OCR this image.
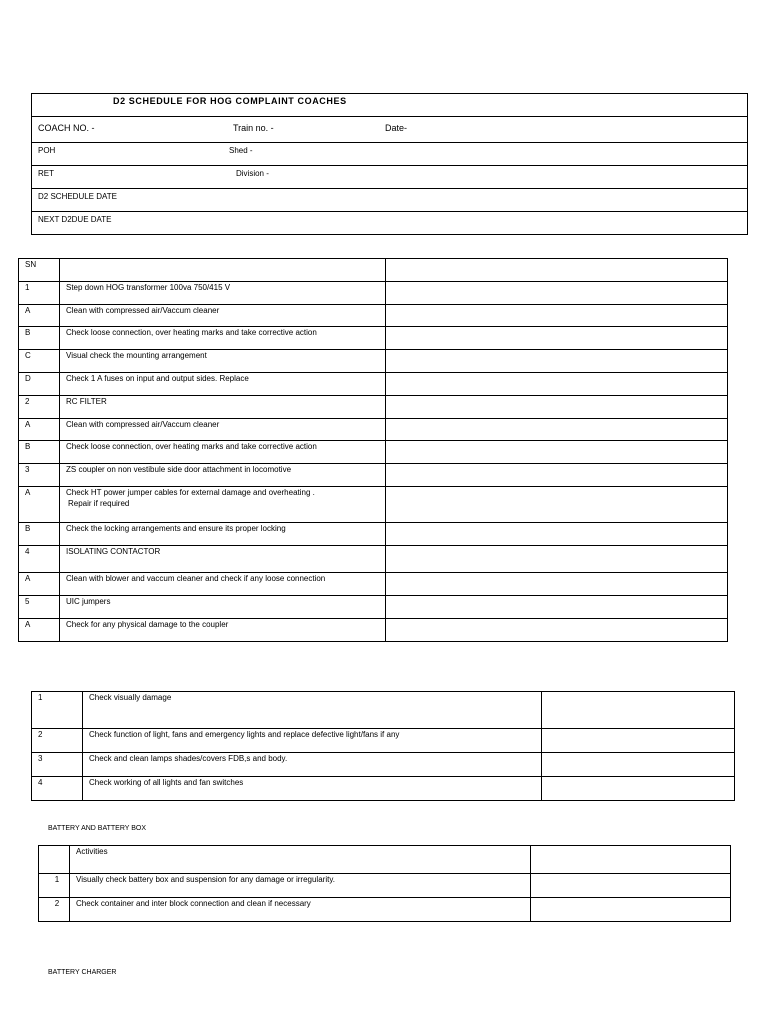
D2 SCHEDULE FOR HOG COMPLAINT COACHES
COACH NO. -	Train no. -	Date-
POH	Shed -
RET	Division -
D2 SCHEDULE DATE
NEXT D2DUE DATE
SN		
1	Step down HOG transformer 100va 750/415 V	

A	Clean with compressed air/Vaccum cleaner	

B	Check loose connection, over heating marks and take corrective action	

C	Visual check the mounting arrangement	

D	Check 1 A fuses on input and output sides. Replace	

2	RC FILTER	

A	Clean with compressed air/Vaccum cleaner	

B	Check loose connection, over heating marks and take corrective action	

3	ZS coupler on non vestibule side door attachment in locomotive	

A	Check HT power jumper cables for external damage and overheating .
Repair if required	

B	Check the locking arrangements and ensure its proper locking	

4	ISOLATING CONTACTOR	

A	Clean with blower and vaccum cleaner and check if any loose connection	

5	UIC jumpers	

A	Check for any physical damage to the coupler	

1	Check visually damage	
2	Check function of light, fans and emergency lights and replace defective light/fans if any	
3	Check and clean lamps shades/covers FDB,s and body.	
4	Check working of all lights and fan switches	
BATTERY AND BATTERY BOX
	Activities	
1	Visually check battery box and suspension for any damage or irregularity.	
2	Check container and inter block connection and clean if necessary	
BATTERY CHARGER
